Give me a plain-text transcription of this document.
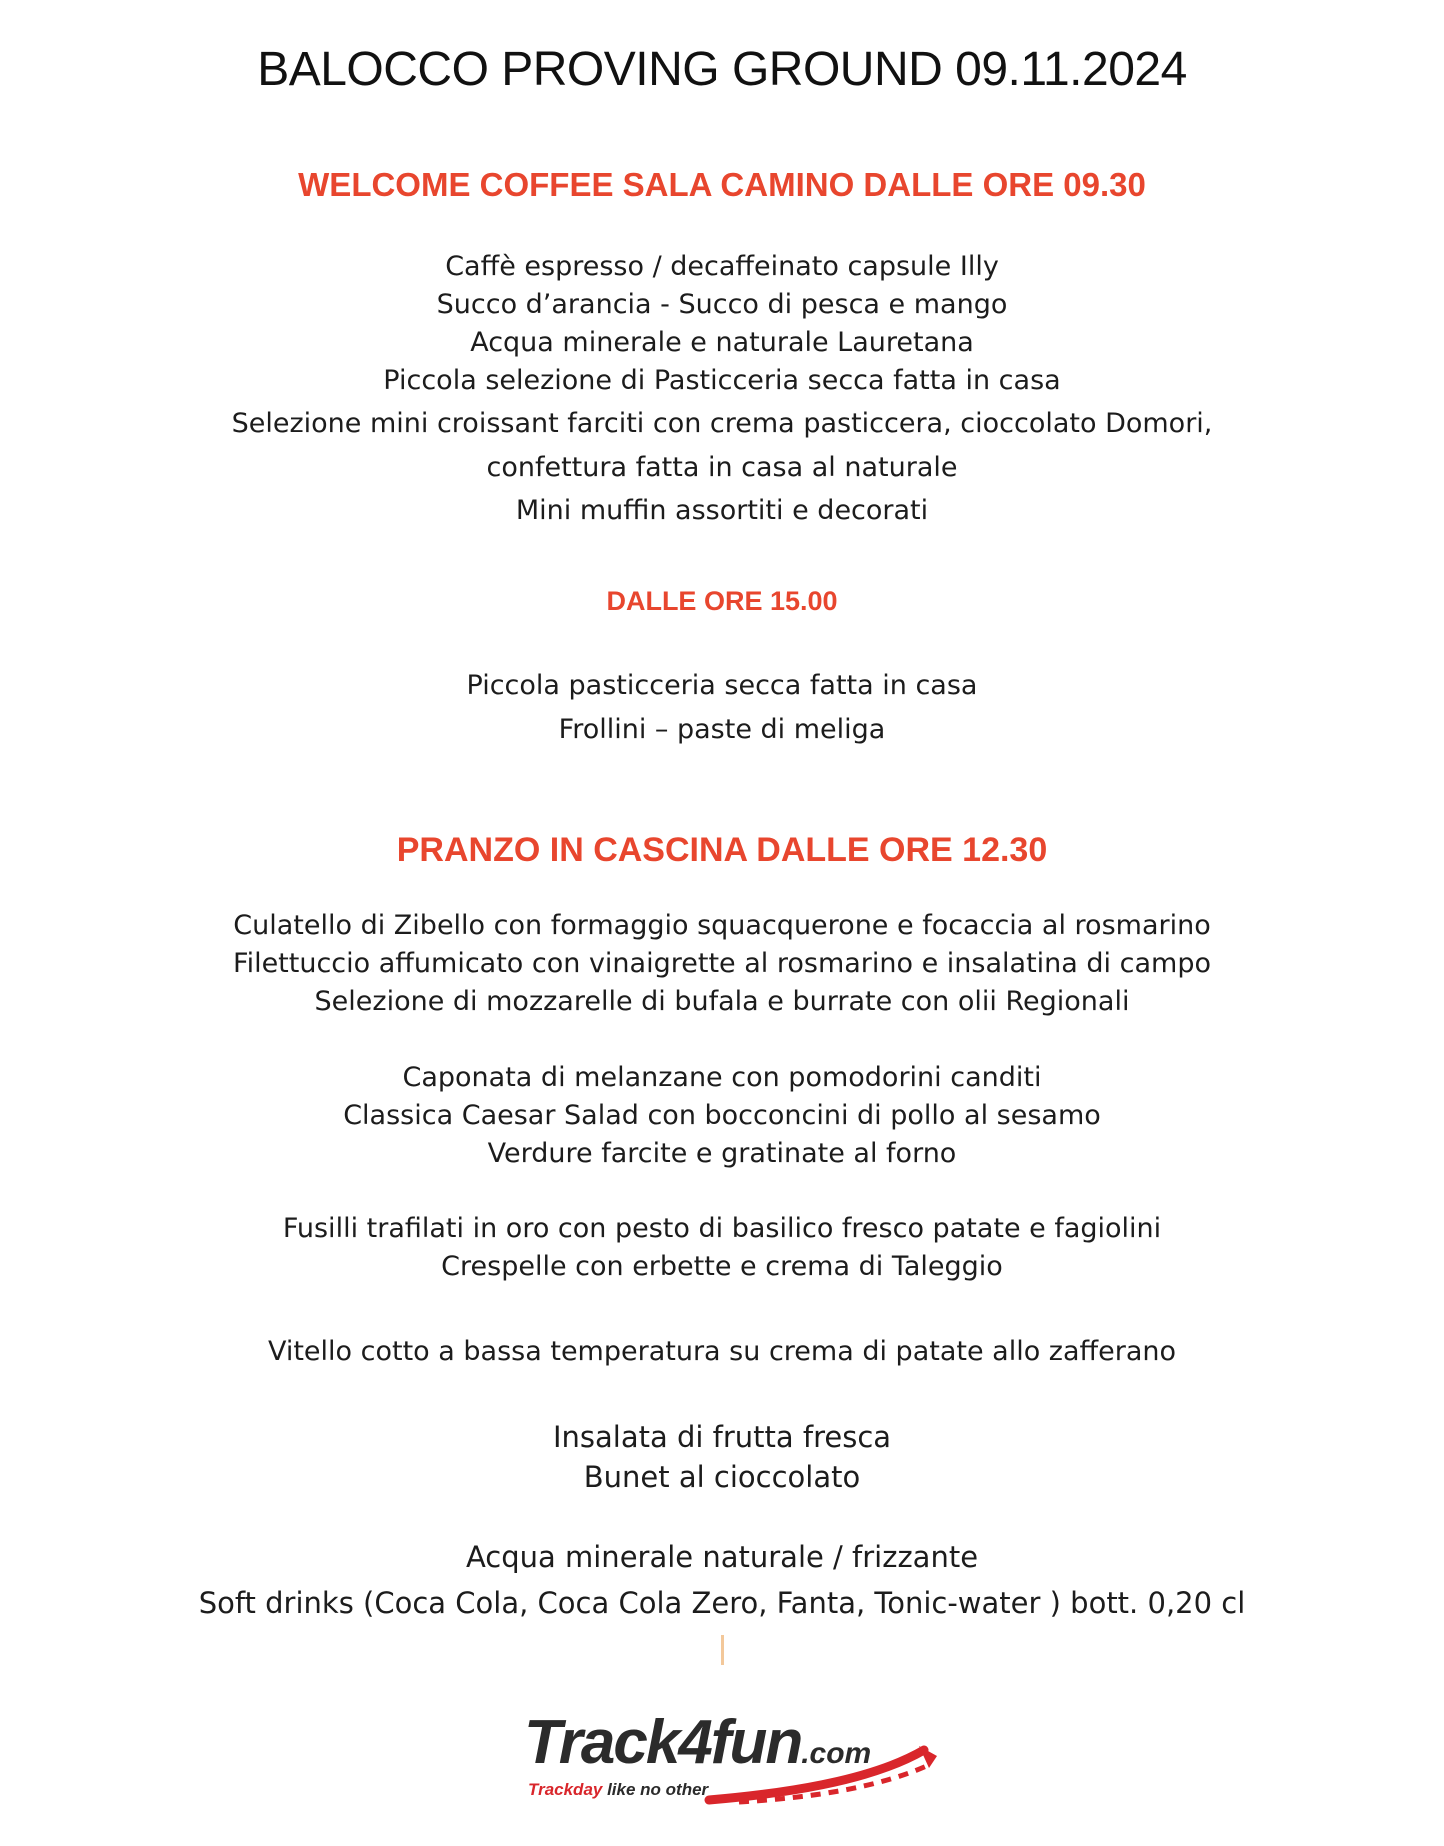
BALOCCO PROVING GROUND 09.11.2024
WELCOME COFFEE SALA CAMINO DALLE ORE 09.30
Caffè espresso / decaffeinato capsule Illy
Succo d’arancia - Succo di pesca e mango
Acqua minerale e naturale Lauretana
Piccola selezione di Pasticceria secca fatta in casa
Selezione mini croissant farciti con crema pasticcera, cioccolato Domori,
confettura fatta in casa al naturale
Mini muffin assortiti e decorati
DALLE ORE 15.00
Piccola pasticceria secca fatta in casa
Frollini – paste di meliga
PRANZO IN CASCINA DALLE ORE 12.30
Culatello di Zibello con formaggio squacquerone e focaccia al rosmarino
Filettuccio affumicato con vinaigrette al rosmarino e insalatina di campo
Selezione di mozzarelle di bufala e burrate con olii Regionali
Caponata di melanzane con pomodorini canditi
Classica Caesar Salad con bocconcini di pollo al sesamo
Verdure farcite e gratinate al forno
Fusilli trafilati in oro con pesto di basilico fresco patate e fagiolini
Crespelle con erbette e crema di Taleggio
Vitello cotto a bassa temperatura su crema di patate allo zafferano
Insalata di frutta fresca
Bunet al cioccolato
Acqua minerale naturale / frizzante
Soft drinks (Coca Cola, Coca Cola Zero, Fanta, Tonic-water ) bott. 0,20 cl
Track4fun.com
Trackday like no other
